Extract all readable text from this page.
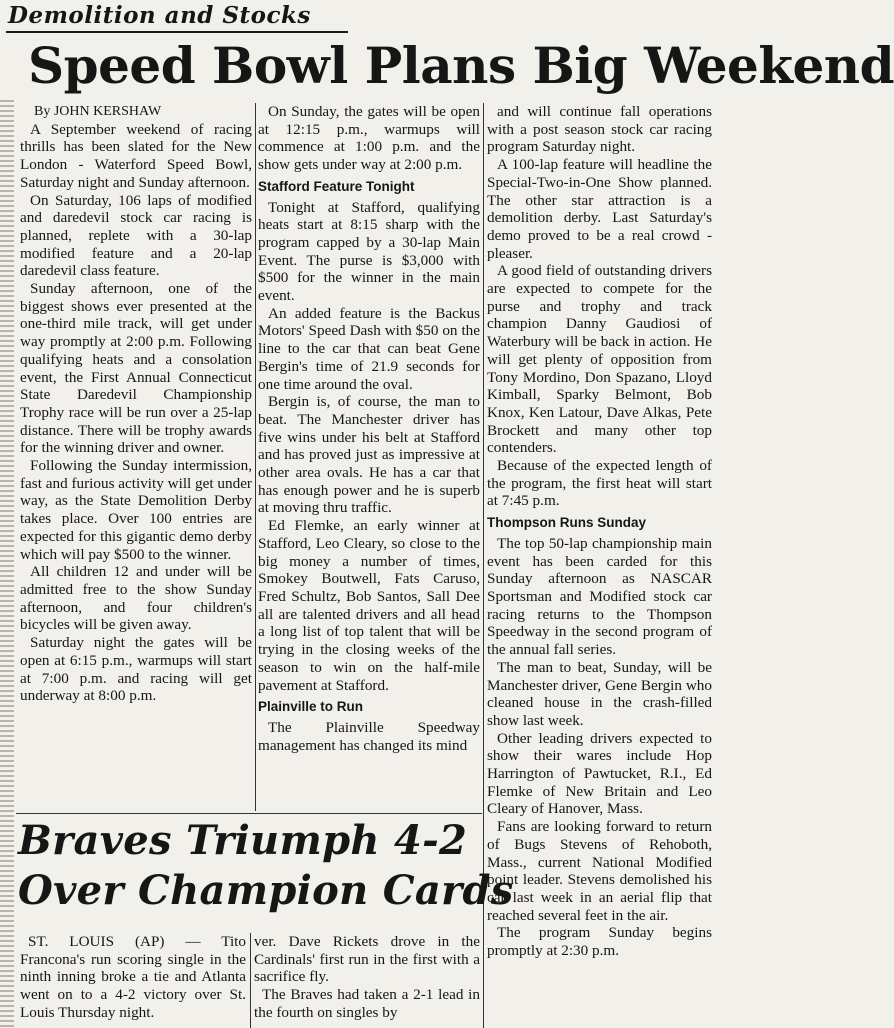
Demolition and Stocks
Speed Bowl Plans Big Weekend

By JOHN KERSHAW

A September weekend of racing thrills has been slated for the New London - Waterford Speed Bowl, Saturday night and Sunday afternoon.

On Saturday, 106 laps of modified and daredevil stock car racing is planned, replete with a 30-lap modified feature and a 20-lap daredevil class feature.

Sunday afternoon, one of the biggest shows ever presented at the one-third mile track, will get under way promptly at 2:00 p.m. Following qualifying heats and a consolation event, the First Annual Connecticut State Daredevil Championship Trophy race will be run over a 25-lap distance. There will be trophy awards for the winning driver and owner.

Following the Sunday intermission, fast and furious activity will get under way, as the State Demolition Derby takes place. Over 100 entries are expected for this gigantic demo derby which will pay $500 to the winner.

All children 12 and under will be admitted free to the show Sunday afternoon, and four children's bicycles will be given away.

Saturday night the gates will be open at 6:15 p.m., warmups will start at 7:00 p.m. and racing will get underway at 8:00 p.m.

On Sunday, the gates will be open at 12:15 p.m., warmups will commence at 1:00 p.m. and the show gets under way at 2:00 p.m.

Stafford Feature Tonight

Tonight at Stafford, qualifying heats start at 8:15 sharp with the program capped by a 30-lap Main Event. The purse is $3,000 with $500 for the winner in the main event.

An added feature is the Backus Motors' Speed Dash with $50 on the line to the car that can beat Gene Bergin's time of 21.9 seconds for one time around the oval.

Bergin is, of course, the man to beat. The Manchester driver has five wins under his belt at Stafford and has proved just as impressive at other area ovals. He has a car that has enough power and he is superb at moving thru traffic.

Ed Flemke, an early winner at Stafford, Leo Cleary, so close to the big money a number of times, Smokey Boutwell, Fats Caruso, Fred Schultz, Bob Santos, Sall Dee all are talented drivers and all head a long list of top talent that will be trying in the closing weeks of the season to win on the half-mile pavement at Stafford.

Plainville to Run

The Plainville Speedway management has changed its mind

and will continue fall operations with a post season stock car racing program Saturday night.

A 100-lap feature will headline the Special-Two-in-One Show planned. The other star attraction is a demolition derby. Last Saturday's demo proved to be a real crowd - pleaser.

A good field of outstanding drivers are expected to compete for the purse and trophy and track champion Danny Gaudiosi of Waterbury will be back in action. He will get plenty of opposition from Tony Mordino, Don Spazano, Lloyd Kimball, Sparky Belmont, Bob Knox, Ken Latour, Dave Alkas, Pete Brockett and many other top contenders.

Because of the expected length of the program, the first heat will start at 7:45 p.m.

Thompson Runs Sunday

The top 50-lap championship main event has been carded for this Sunday afternoon as NASCAR Sportsman and Modified stock car racing returns to the Thompson Speedway in the second program of the annual fall series.

The man to beat, Sunday, will be Manchester driver, Gene Bergin who cleaned house in the crash-filled show last week.

Other leading drivers expected to show their wares include Hop Harrington of Pawtucket, R.I., Ed Flemke of New Britain and Leo Cleary of Hanover, Mass.

Fans are looking forward to return of Bugs Stevens of Rehoboth, Mass., current National Modified point leader. Stevens demolished his car last week in an aerial flip that reached several feet in the air.

The program Sunday begins promptly at 2:30 p.m.

Braves Triumph 4-2
Over Champion Cards

ST. LOUIS (AP) — Tito Francona's run scoring single in the ninth inning broke a tie and Atlanta went on to a 4-2 victory over St. Louis Thursday night.

ver. Dave Rickets drove in the Cardinals' first run in the first with a sacrifice fly.

The Braves had taken a 2-1 lead in the fourth on singles by
